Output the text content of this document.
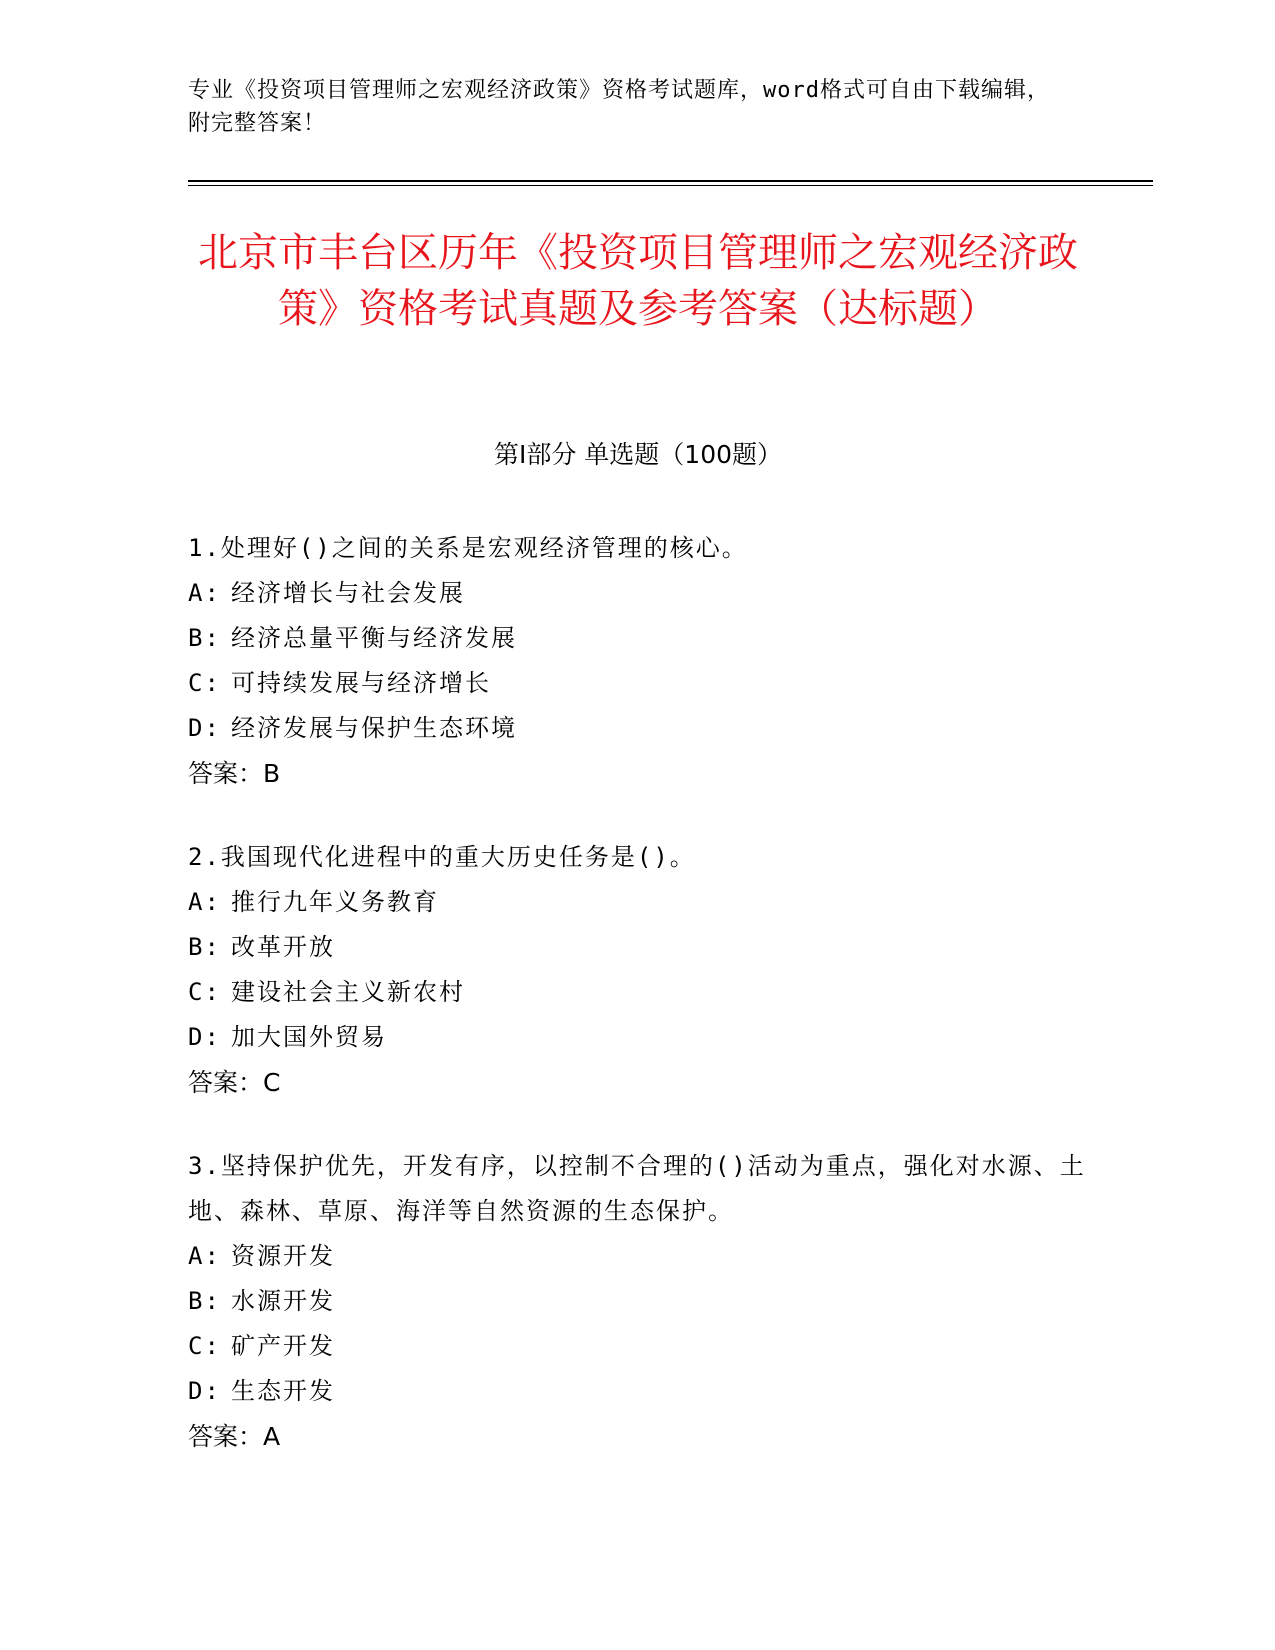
专业《投资项目管理师之宏观经济政策》资格考试题库，word格式可自由下载编辑，附完整答案！
北京市丰台区历年《投资项目管理师之宏观经济政策》资格考试真题及参考答案（达标题）
第I部分 单选题（100题）
1.处理好()之间的关系是宏观经济管理的核心。
A: 经济增长与社会发展
B: 经济总量平衡与经济发展
C: 可持续发展与经济增长
D: 经济发展与保护生态环境
答案：B
2.我国现代化进程中的重大历史任务是()。
A: 推行九年义务教育
B: 改革开放
C: 建设社会主义新农村
D: 加大国外贸易
答案：C
3.坚持保护优先，开发有序，以控制不合理的()活动为重点，强化对水源、土地、森林、草原、海洋等自然资源的生态保护。
A: 资源开发
B: 水源开发
C: 矿产开发
D: 生态开发
答案：A
